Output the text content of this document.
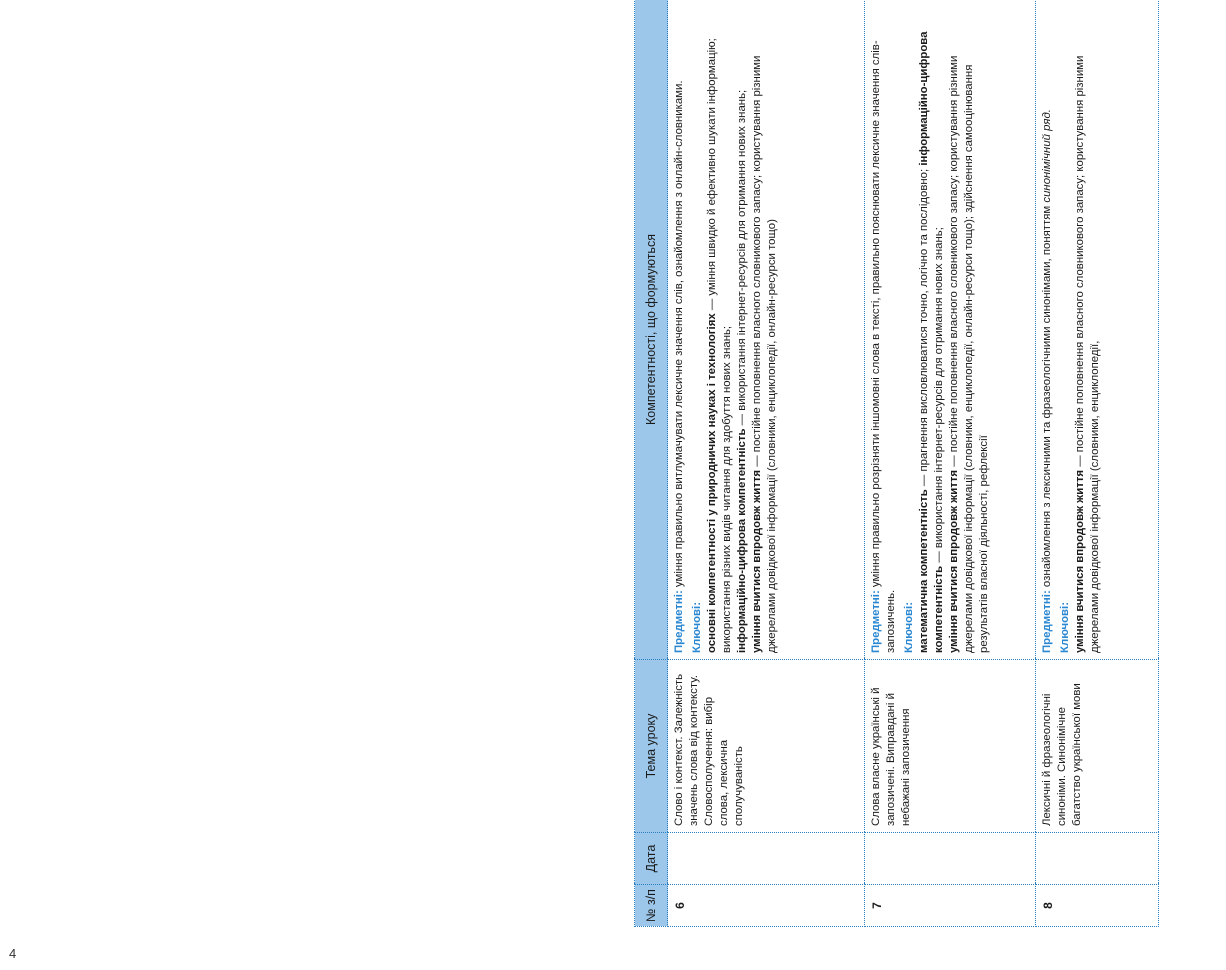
4
№ з/п	Дата	Тема уроку	Компетентності, що формуються
6		Слово і контекст. Залежність значень слова від контексту. Словосполучення: вибір слова, лексична сполучуваність	Предметні: уміння правильно витлумачувати лексичне значення слів, ознайомлення з онлайн-словниками.
Ключові: основні компетентності у природничих науках і технологіях — уміння швидко й ефективно шукати інформацію; використання різних видів читання для здобуття нових знань; інформаційно-цифрова компетентність — використання інтернет-ресурсів для отримання нових знань;
уміння вчитися впродовж життя — постійне поповнення власного словникового запасу; користування різними джерелами довідкової інформації (словники, енциклопедії, онлайн-ресурси тощо)
7		Слова власне українські й запозичені. Виправдані й небажані запозичення	Предметні: уміння правильно розрізняти іншомовні слова в тексті, правильно пояснювати лексичне значення слів-запозичень. Ключові: математична компетентність — прагнення висловлюватися точно, логічно та послідовно; інформаційно-цифрова компетентність — використання інтернет-ресурсів для отримання нових знань; уміння вчитися впродовж життя — постійне поповнення власного словникового запасу; користування різними джерелами довідкової інформації (словники, енциклопедії, онлайн-ресурси тощо); здійснення самооцінювання результатів власної діяльності, рефлексії
8		Лексичні й фразеологічні синоніми. Синонімічне багатство української мови	Предметні: ознайомлення з лексичними та фразеологічними синонімами, поняттям синонімічний ряд.
Ключові: уміння вчитися впродовж життя — постійне поповнення власного словникового запасу; користування різними джерелами довідкової інформації (словники, енциклопедії,
